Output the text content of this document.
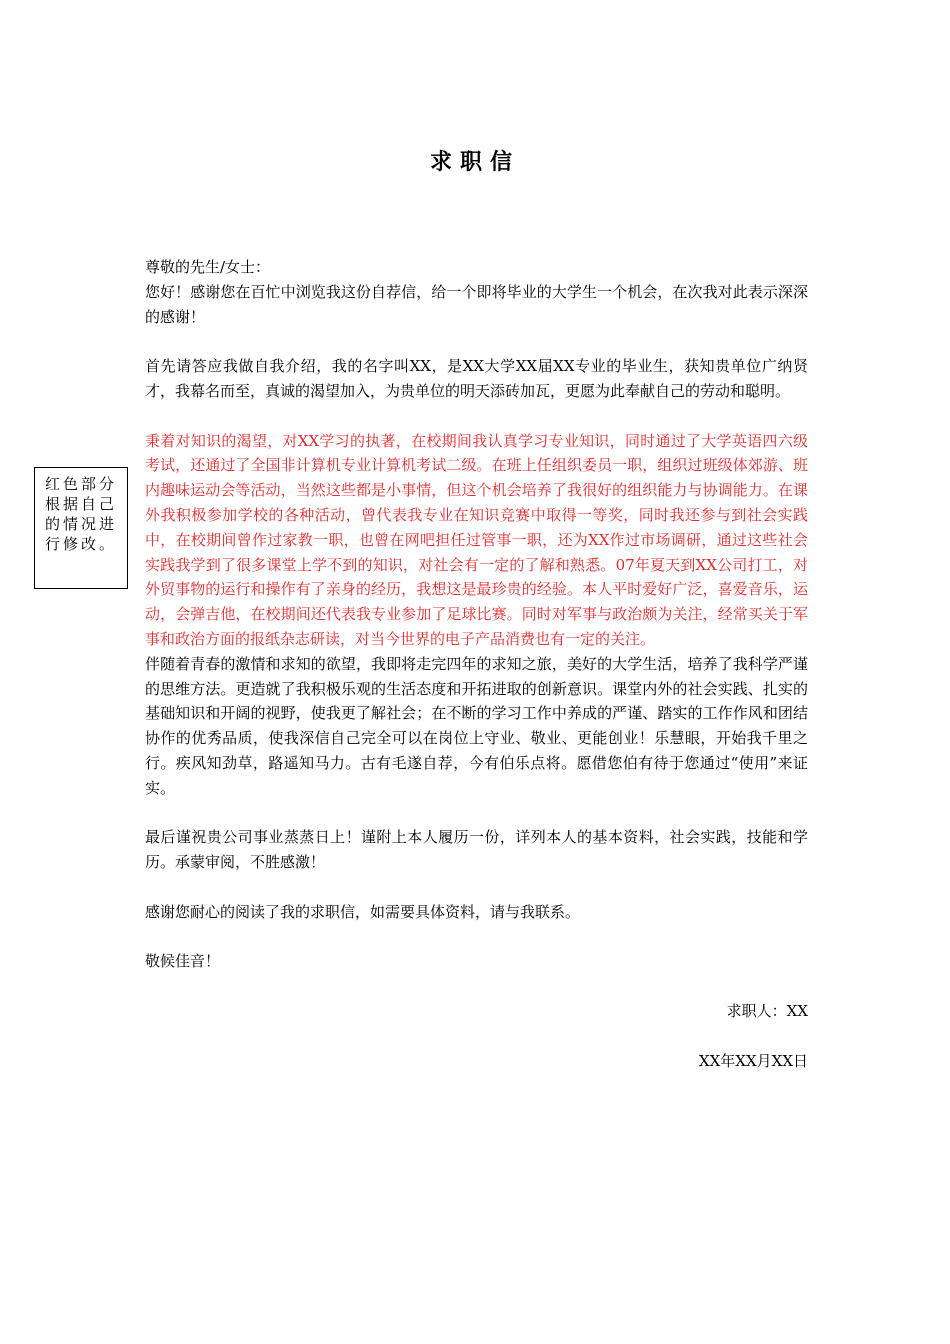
求职信
红色部分根据自己的情况进行修改。

尊敬的先生/女士：

您好！感谢您在百忙中浏览我这份自荐信，给一个即将毕业的大学生一个机会，在次我对此表示深深的感谢！

首先请答应我做自我介绍，我的名字叫XX，是XX大学XX届XX专业的毕业生，获知贵单位广纳贤才，我幕名而至，真诚的渴望加入，为贵单位的明天添砖加瓦，更愿为此奉献自己的劳动和聪明。

秉着对知识的渴望，对XX学习的执著，在校期间我认真学习专业知识，同时通过了大学英语四六级考试，还通过了全国非计算机专业计算机考试二级。在班上任组织委员一职，组织过班级体郊游、班内趣味运动会等活动，当然这些都是小事情，但这个机会培养了我很好的组织能力与协调能力。在课外我积极参加学校的各种活动，曾代表我专业在知识竞赛中取得一等奖，同时我还参与到社会实践中，在校期间曾作过家教一职，也曾在网吧担任过管事一职，还为XX作过市场调研，通过这些社会实践我学到了很多课堂上学不到的知识，对社会有一定的了解和熟悉。07年夏天到XX公司打工，对外贸事物的运行和操作有了亲身的经历，我想这是最珍贵的经验。本人平时爱好广泛，喜爱音乐，运动，会弹吉他，在校期间还代表我专业参加了足球比赛。同时对军事与政治颇为关注，经常买关于军事和政治方面的报纸杂志研读，对当今世界的电子产品消费也有一定的关注。

伴随着青春的激情和求知的欲望，我即将走完四年的求知之旅，美好的大学生活，培养了我科学严谨的思维方法。更造就了我积极乐观的生活态度和开拓进取的创新意识。课堂内外的社会实践、扎实的基础知识和开阔的视野，使我更了解社会；在不断的学习工作中养成的严谨、踏实的工作作风和团结协作的优秀品质，使我深信自己完全可以在岗位上守业、敬业、更能创业！乐慧眼，开始我千里之行。疾风知劲草，路遥知马力。古有毛遂自荐，今有伯乐点将。愿借您伯有待于您通过“使用”来证实。

最后谨祝贵公司事业蒸蒸日上！谨附上本人履历一份，详列本人的基本资料，社会实践，技能和学历。承蒙审阅，不胜感激！

感谢您耐心的阅读了我的求职信，如需要具体资料，请与我联系。

敬候佳音！

求职人：XX

XX年XX月XX日
